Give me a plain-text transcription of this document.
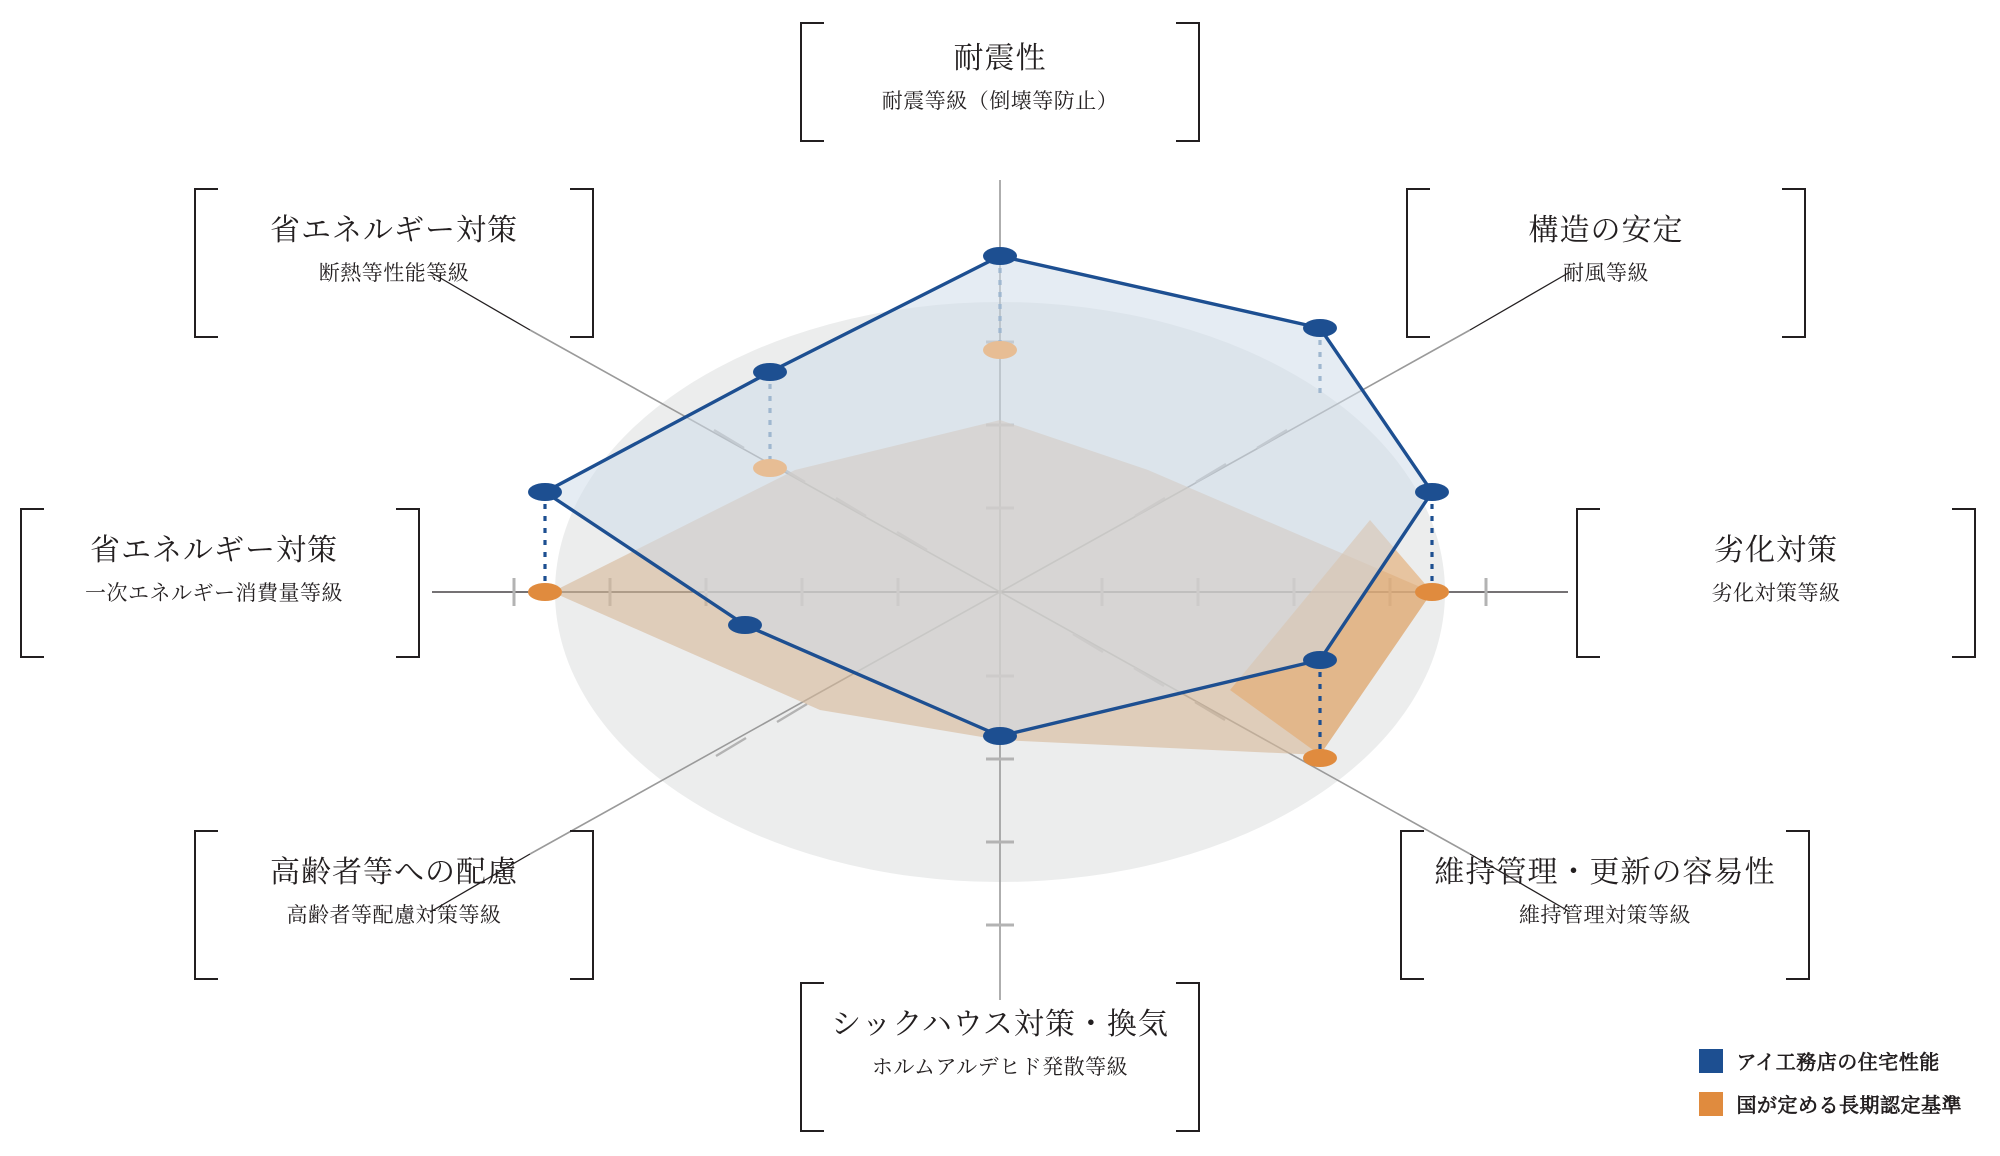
耐震性
耐震等級（倒壊等防止）
省エネルギー対策
断熱等性能等級
構造の安定
耐風等級
省エネルギー対策
一次エネルギー消費量等級
劣化対策
劣化対策等級
高齢者等への配慮
高齢者等配慮対策等級
維持管理・更新の容易性
維持管理対策等級
シックハウス対策・換気
ホルムアルデヒド発散等級	アイ工務店の住宅性能
国が定める長期認定基準
